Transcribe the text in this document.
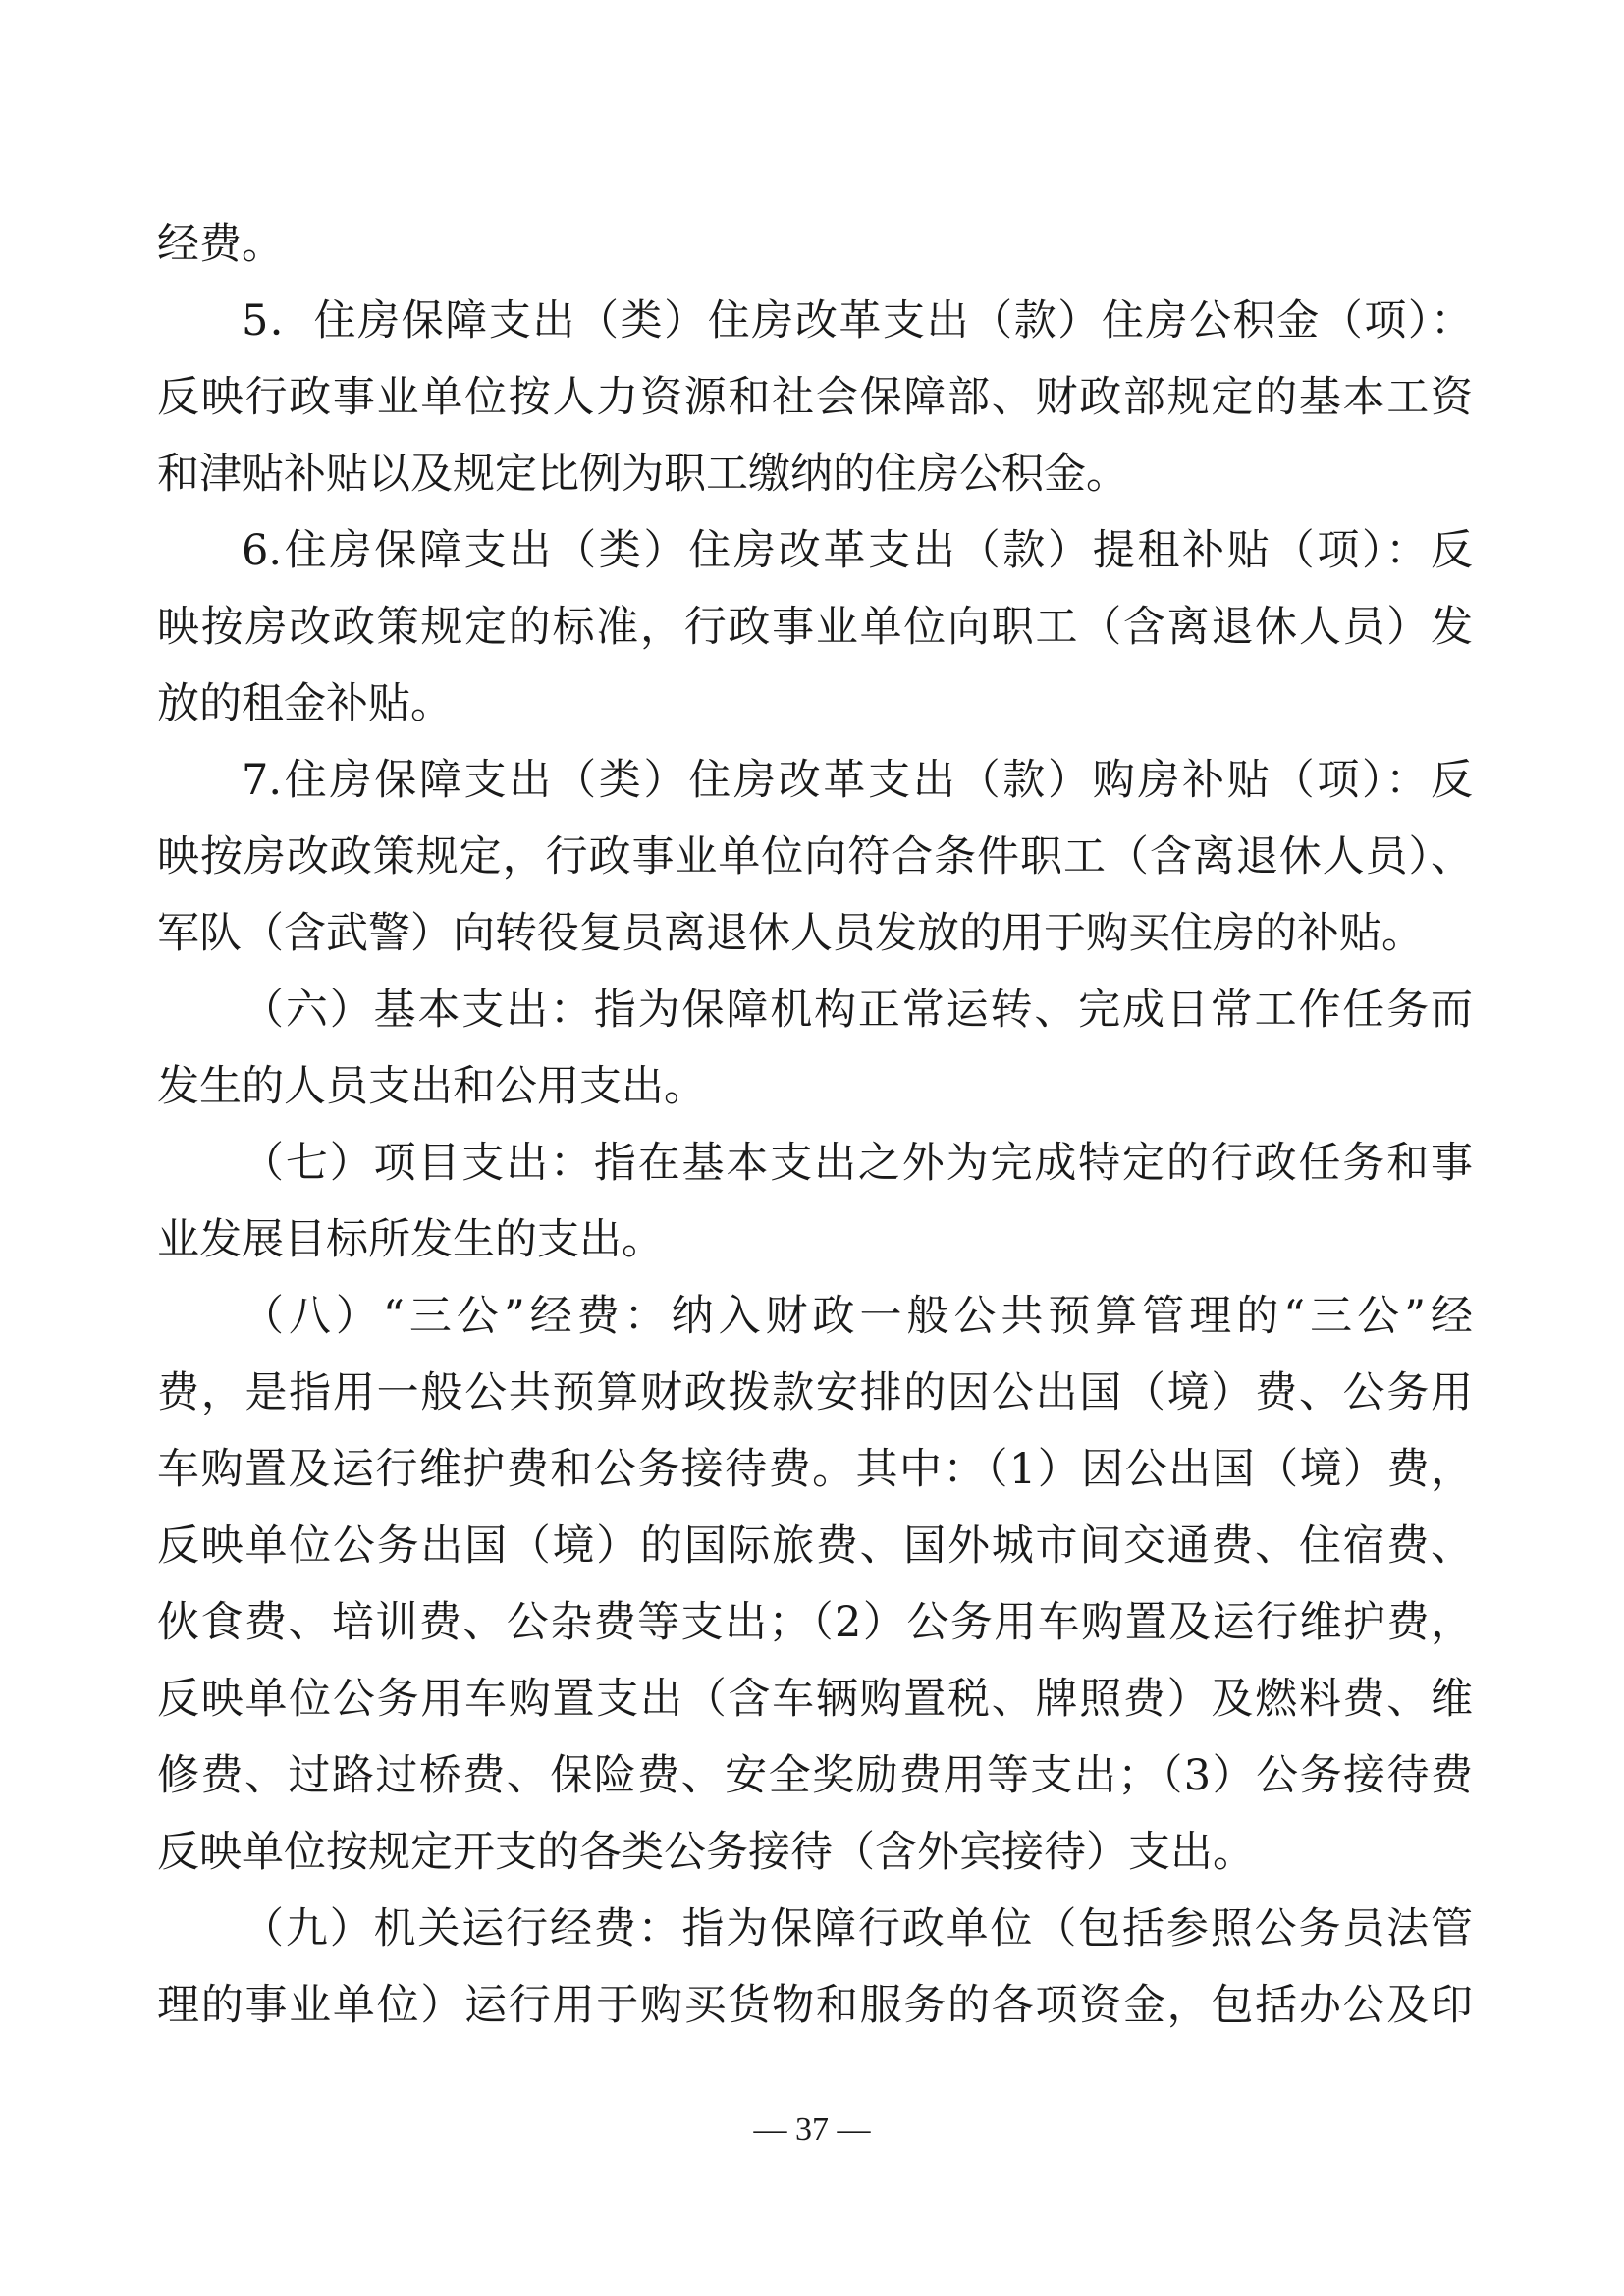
经费。
5．住房保障支出（类）住房改革支出（款）住房公积金（项）：
反映行政事业单位按人力资源和社会保障部、财政部规定的基本工资
和津贴补贴以及规定比例为职工缴纳的住房公积金。
6.住房保障支出（类）住房改革支出（款）提租补贴（项）：反
映按房改政策规定的标准，行政事业单位向职工（含离退休人员）发
放的租金补贴。
7.住房保障支出（类）住房改革支出（款）购房补贴（项）：反
映按房改政策规定，行政事业单位向符合条件职工（含离退休人员）、
军队（含武警）向转役复员离退休人员发放的用于购买住房的补贴。
（六）基本支出：指为保障机构正常运转、完成日常工作任务而
发生的人员支出和公用支出。
（七）项目支出：指在基本支出之外为完成特定的行政任务和事
业发展目标所发生的支出。
（八）“三公”经费：纳入财政一般公共预算管理的“三公”经
费，是指用一般公共预算财政拨款安排的因公出国（境）费、公务用
车购置及运行维护费和公务接待费。其中：（1）因公出国（境）费，
反映单位公务出国（境）的国际旅费、国外城市间交通费、住宿费、
伙食费、培训费、公杂费等支出；（2）公务用车购置及运行维护费，
反映单位公务用车购置支出（含车辆购置税、牌照费）及燃料费、维
修费、过路过桥费、保险费、安全奖励费用等支出；（3）公务接待费
反映单位按规定开支的各类公务接待（含外宾接待）支出。
（九）机关运行经费：指为保障行政单位（包括参照公务员法管
理的事业单位）运行用于购买货物和服务的各项资金，包括办公及印
— 37 —
